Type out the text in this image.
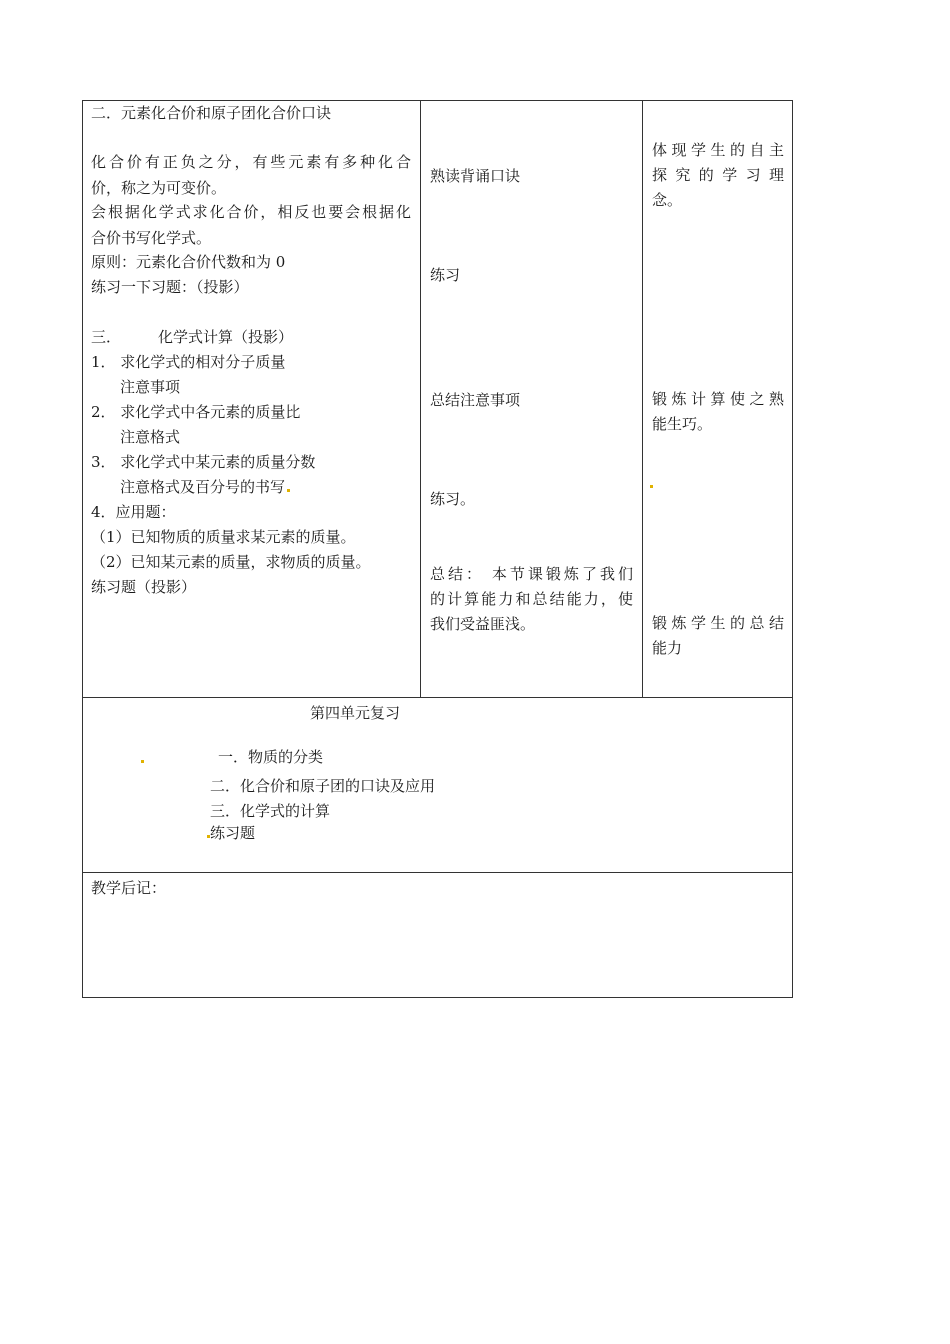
二．元素化合价和原子团化合价口诀
化合价有正负之分，有些元素有多种化合
价，称之为可变价。
会根据化学式求化合价，相反也要会根据化
合价书写化学式。
原则：元素化合价代数和为 0
练习一下习题：（投影）
三． 化学式计算（投影）
1． 求化学式的相对分子质量
注意事项
2． 求化学式中各元素的质量比
注意格式
3． 求化学式中某元素的质量分数
注意格式及百分号的书写
4．应用题：
（1）已知物质的质量求某元素的质量。
（2）已知某元素的质量，求物质的质量。
练习题（投影）
熟读背诵口诀
练习
总结注意事项
练习。
总结： 本节课锻炼了我们
的计算能力和总结能力，使
我们受益匪浅。
体现学生的自主
探究的学习理
念。
锻炼计算使之熟
能生巧。
锻炼学生的总结
能力
第四单元复习
一．物质的分类
二．化合价和原子团的口诀及应用
三．化学式的计算
练习题
教学后记：
